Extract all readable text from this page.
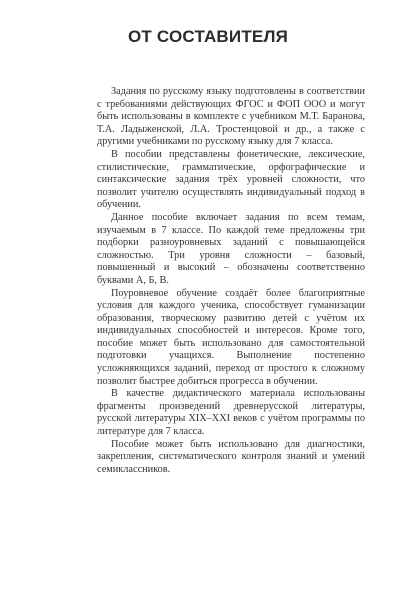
ОТ СОСТАВИТЕЛЯ

Задания по русскому языку подготовлены в соответствии с требованиями действующих ФГОС и ФОП ООО и могут быть использованы в комплекте с учебником М.Т. Баранова, Т.А. Ладыженской, Л.А. Тростенцовой и др., а также с другими учебниками по русскому языку для 7 класса.

В пособии представлены фонетические, лексические, стилистические, грамматические, орфографические и синтаксические задания трёх уровней сложности, что позволит учителю осуществлять индивидуальный подход в обучении.

Данное пособие включает задания по всем темам, изучаемым в 7 классе. По каждой теме предложены три подборки разноуровневых заданий с повышающейся сложностью. Три уровня сложности – базовый, повышенный и высокий – обозначены соответственно буквами А, Б, В.

Поуровневое обучение создаёт более благоприятные условия для каждого ученика, способствует гуманизации образования, творческому развитию детей с учётом их индивидуальных способностей и интересов. Кроме того, пособие может быть использовано для самостоятельной подготовки учащихся. Выполнение постепенно усложняющихся заданий, переход от простого к сложному позволит быстрее добиться прогресса в обучении.

В качестве дидактического материала использованы фрагменты произведений древнерусской литературы, русской литературы XIX–XXI веков с учётом программы по литературе для 7 класса.

Пособие может быть использовано для диагностики, закрепления, систематического контроля знаний и умений семиклассников.
